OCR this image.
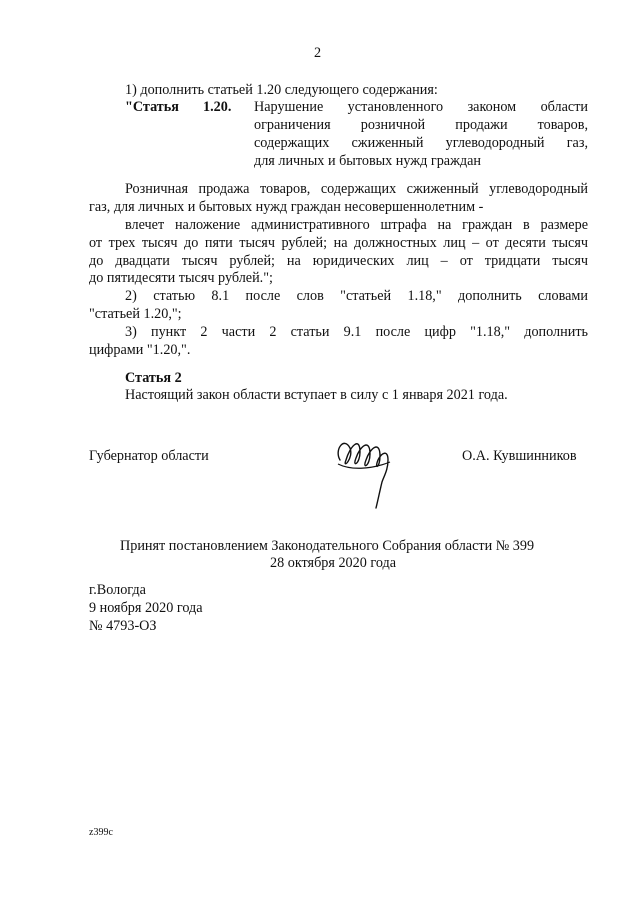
2
1) дополнить статьей 1.20 следующего содержания:
"Статья 1.20. Нарушение установленного законом области
ограничения розничной продажи товаров,
содержащих сжиженный углеводородный газ,
для личных и бытовых нужд граждан
Розничная продажа товаров, содержащих сжиженный углеводородный
газ, для личных и бытовых нужд граждан несовершеннолетним -
влечет наложение административного штрафа на граждан в размере
от трех тысяч до пяти тысяч рублей; на должностных лиц – от десяти тысяч
до двадцати тысяч рублей; на юридических лиц – от тридцати тысяч
до пятидесяти тысяч рублей.";
2) статью 8.1 после слов "статьей 1.18," дополнить словами
"статьей 1.20,";
3) пункт 2 части 2 статьи 9.1 после цифр "1.18," дополнить
цифрами "1.20,".
Статья 2
Настоящий закон области вступает в силу с 1 января 2021 года.
Губернатор области	О.А. Кувшинников
Принят постановлением Законодательного Собрания области № 399
28 октября 2020 года
г.Вологда
9 ноября 2020 года
№ 4793-ОЗ
z399c
